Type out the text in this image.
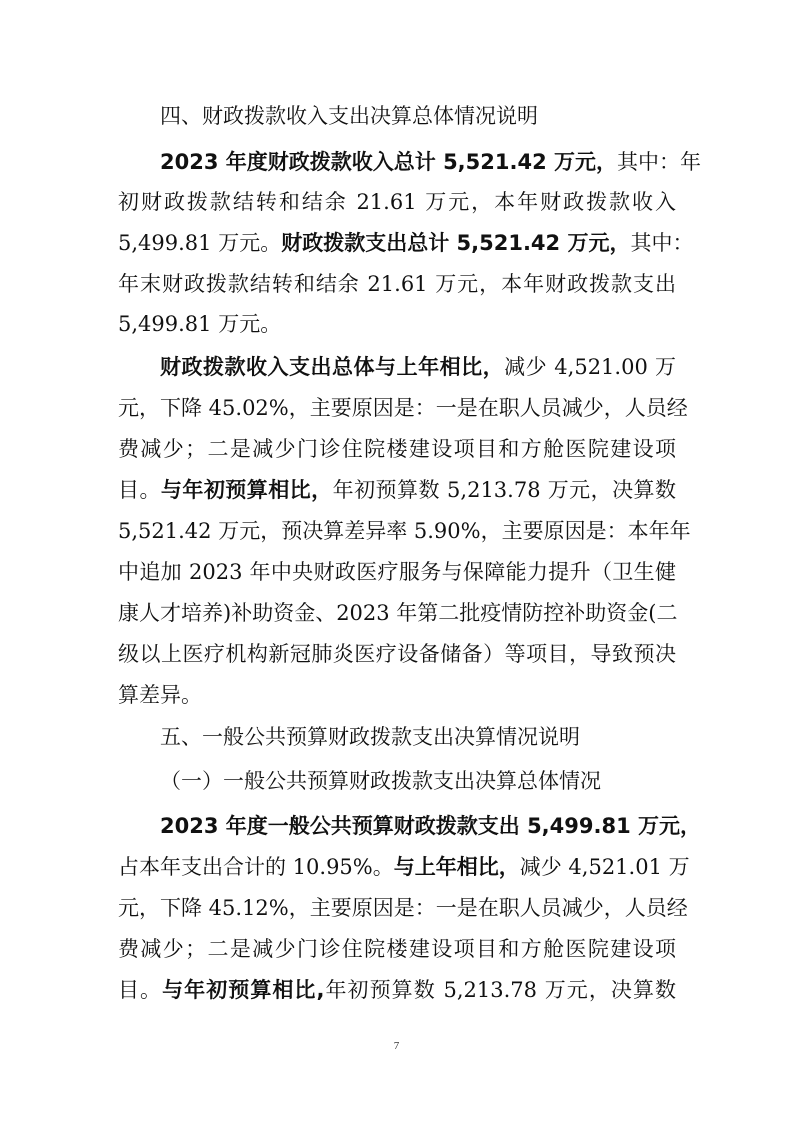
四、财政拨款收入支出决算总体情况说明
2023 年度财政拨款收入总计 5,521.42 万元，其中：年
初财政拨款结转和结余 21.61 万元，本年财政拨款收入
5,499.81 万元。财政拨款支出总计 5,521.42 万元，其中：
年末财政拨款结转和结余 21.61 万元，本年财政拨款支出
5,499.81 万元。
财政拨款收入支出总体与上年相比，减少 4,521.00 万
元，下降 45.02%，主要原因是：一是在职人员减少，人员经
费减少；二是减少门诊住院楼建设项目和方舱医院建设项
目。与年初预算相比，年初预算数 5,213.78 万元，决算数
5,521.42 万元，预决算差异率 5.90%，主要原因是：本年年
中追加 2023 年中央财政医疗服务与保障能力提升（卫生健
康人才培养)补助资金、2023 年第二批疫情防控补助资金(二
级以上医疗机构新冠肺炎医疗设备储备）等项目，导致预决
算差异。
五、一般公共预算财政拨款支出决算情况说明
（一）一般公共预算财政拨款支出决算总体情况
2023 年度一般公共预算财政拨款支出 5,499.81 万元，
占本年支出合计的 10.95%。与上年相比，减少 4,521.01 万
元，下降 45.12%，主要原因是：一是在职人员减少，人员经
费减少；二是减少门诊住院楼建设项目和方舱医院建设项
目。与年初预算相比,年初预算数 5,213.78 万元，决算数
7
